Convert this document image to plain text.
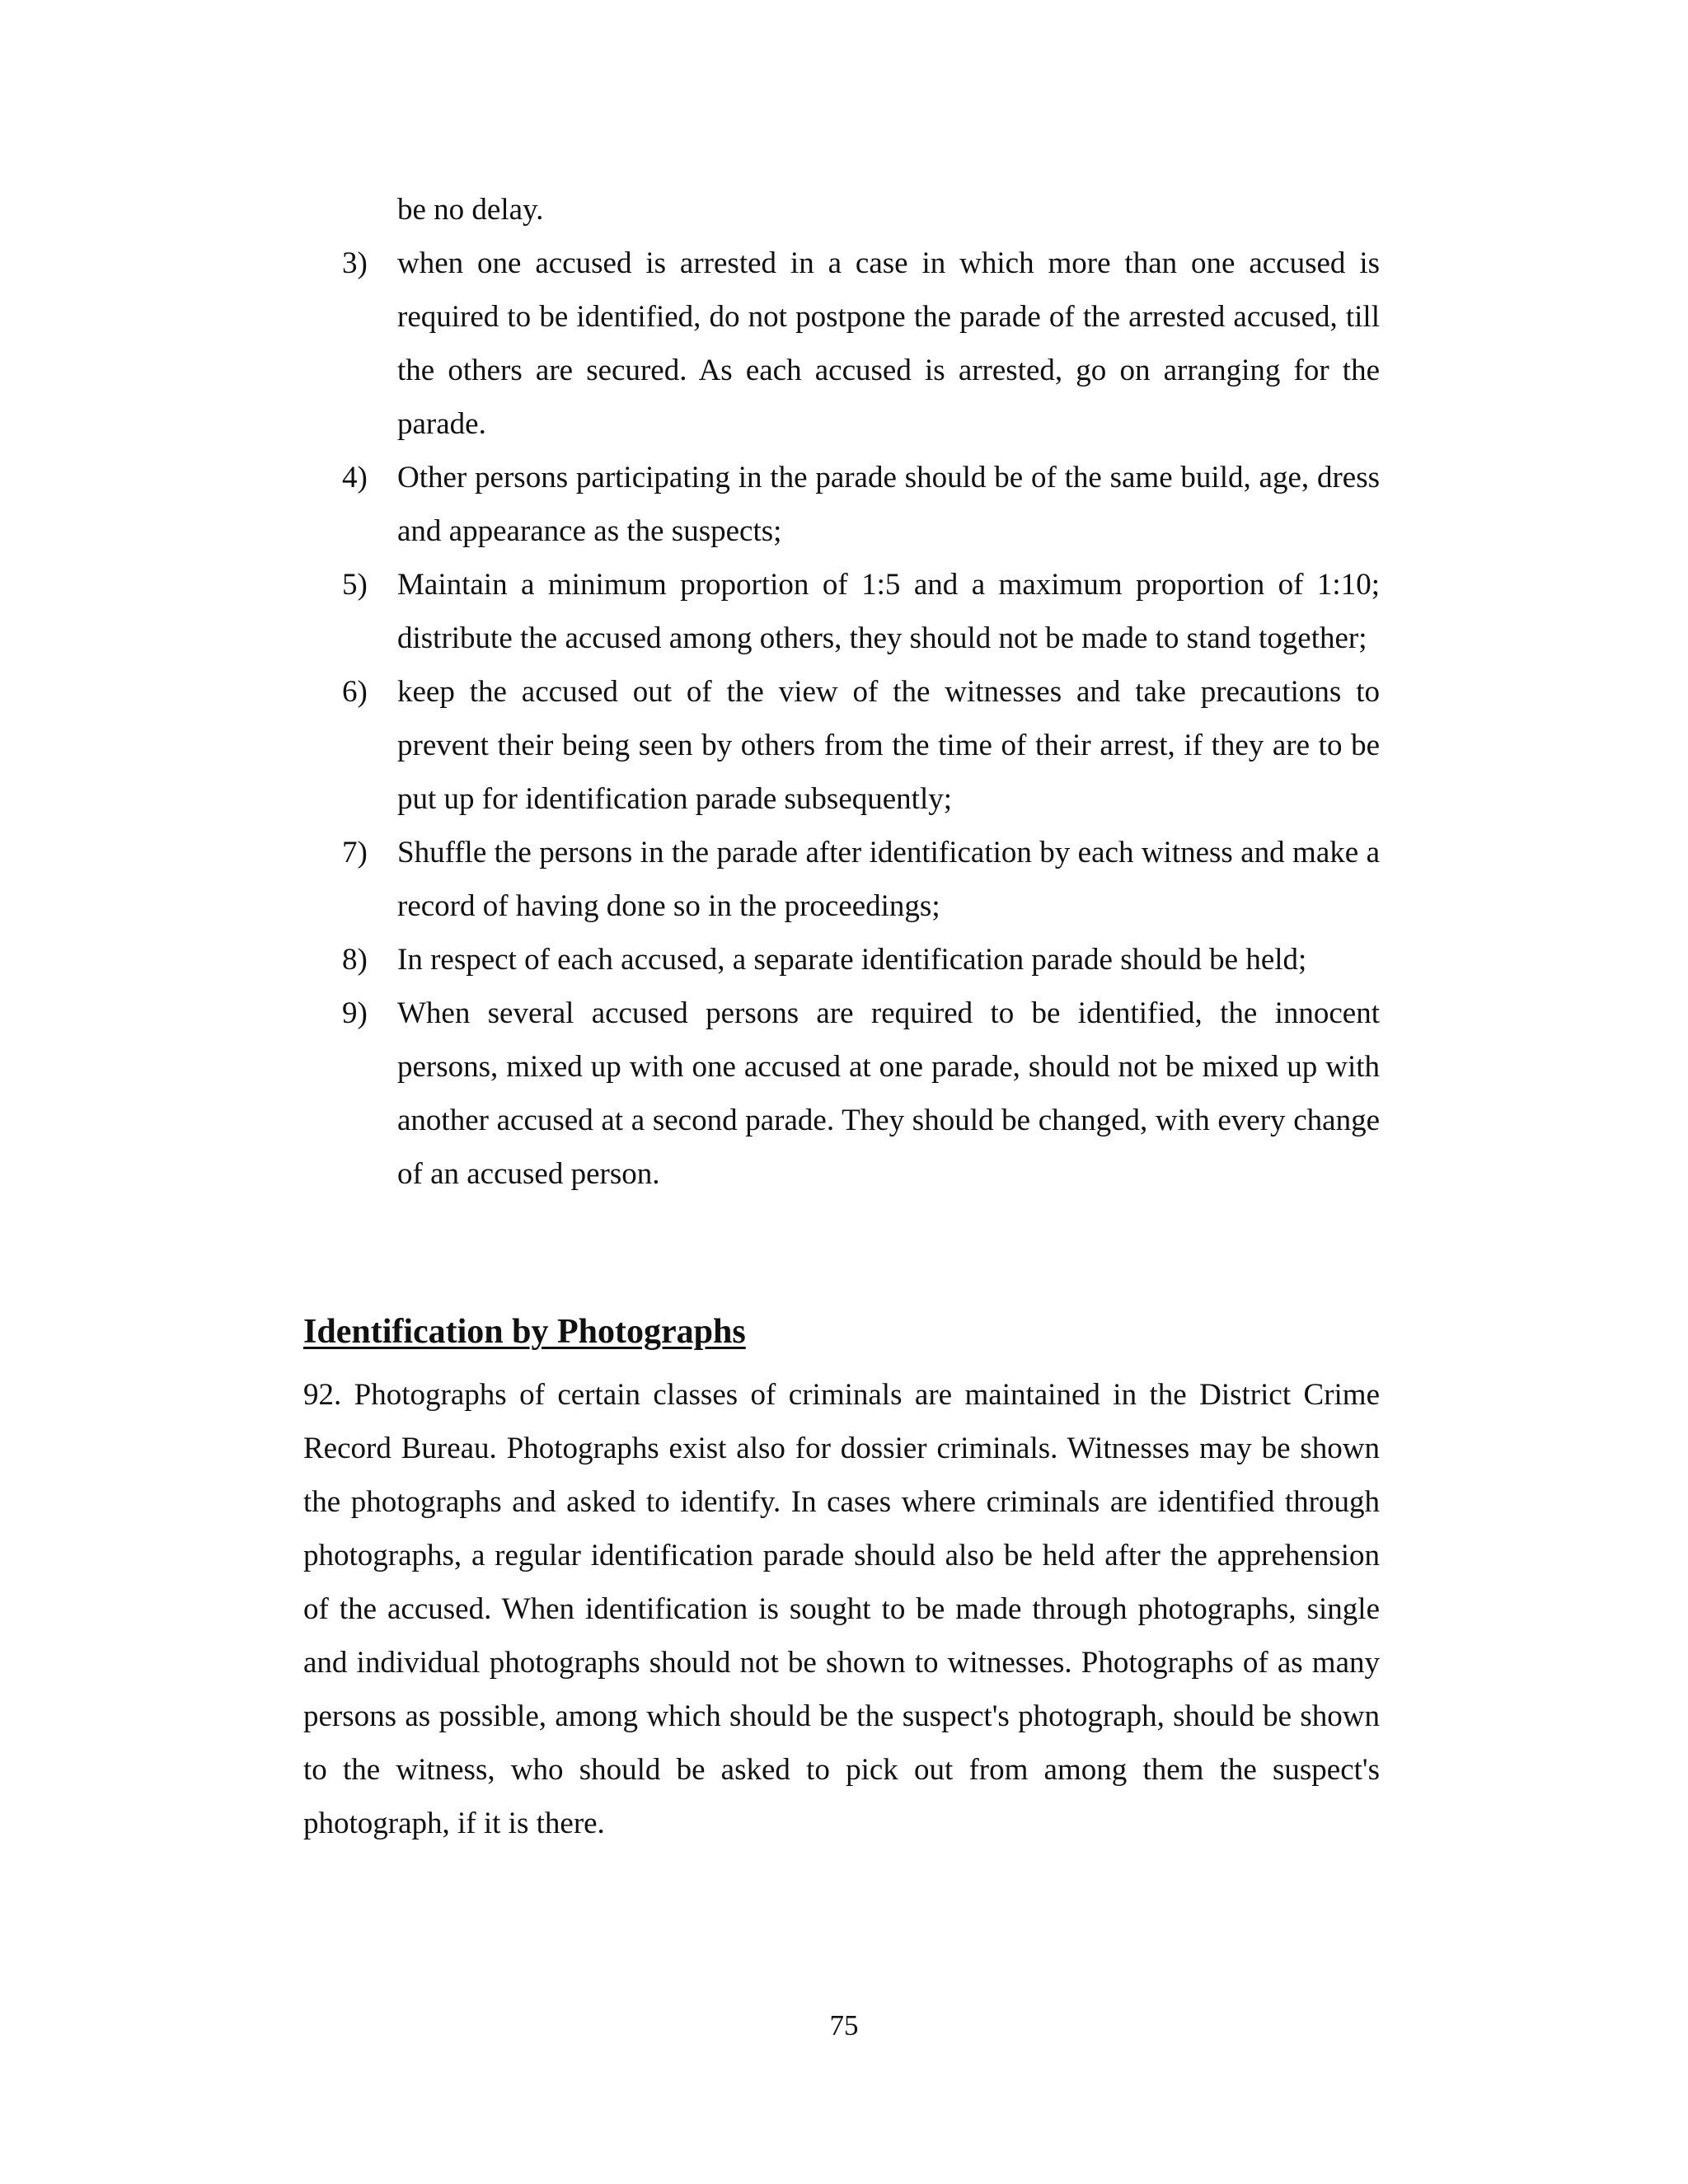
be no delay.
3) when one accused is arrested in a case in which more than one accused is required to be identified, do not postpone the parade of the arrested accused, till the others are secured. As each accused is arrested, go on arranging for the parade.
4) Other persons participating in the parade should be of the same build, age, dress and appearance as the suspects;
5) Maintain a minimum proportion of 1:5 and a maximum proportion of 1:10; distribute the accused among others, they should not be made to stand together;
6) keep the accused out of the view of the witnesses and take precautions to prevent their being seen by others from the time of their arrest, if they are to be put up for identification parade subsequently;
7) Shuffle the persons in the parade after identification by each witness and make a record of having done so in the proceedings;
8) In respect of each accused, a separate identification parade should be held;
9) When several accused persons are required to be identified, the innocent persons, mixed up with one accused at one parade, should not be mixed up with another accused at a second parade. They should be changed, with every change of an accused person.
Identification by Photographs

92. Photographs of certain classes of criminals are maintained in the District Crime Record Bureau. Photographs exist also for dossier criminals. Witnesses may be shown the photographs and asked to identify. In cases where criminals are identified through photographs, a regular identification parade should also be held after the apprehension of the accused. When identification is sought to be made through photographs, single and individual photographs should not be shown to witnesses. Photographs of as many persons as possible, among which should be the suspect's photograph, should be shown to the witness, who should be asked to pick out from among them the suspect's photograph, if it is there.

75
